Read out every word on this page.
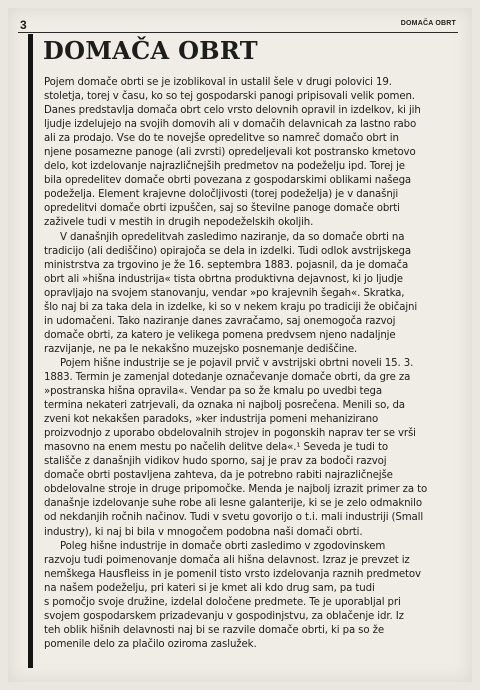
3	DOMAČA OBRT
DOMAČA OBRT

Pojem domače obrti se je izoblikoval in ustalil šele v drugi polovici 19.
stoletja, torej v času, ko so tej gospodarski panogi pripisovali velik pomen.
Danes predstavlja domača obrt celo vrsto delovnih opravil in izdelkov, ki jih
ljudje izdelujejo na svojih domovih ali v domačih delavnicah za lastno rabo
ali za prodajo. Vse do te novejše opredelitve so namreč domačo obrt in
njene posamezne panoge (ali zvrsti) opredeljevali kot postransko kmetovo
delo, kot izdelovanje najrazličnejših predmetov na podeželju ipd. Torej je
bila opredelitev domače obrti povezana z gospodarskimi oblikami našega
podeželja. Element krajevne določljivosti (torej podeželja) je v današnji
opredelitvi domače obrti izpuščen, saj so številne panoge domače obrti
zaživele tudi v mestih in drugih nepodeželskih okoljih.

V današnjih opredelitvah zasledimo naziranje, da so domače obrti na
tradicijo (ali dediščino) opirajoča se dela in izdelki. Tudi odlok avstrijskega
ministrstva za trgovino je že 16. septembra 1883. pojasnil, da je domača
obrt ali »hišna industrija« tista obrtna produktivna dejavnost, ki jo ljudje
opravljajo na svojem stanovanju, vendar »po krajevnih šegah«. Skratka,
šlo naj bi za taka dela in izdelke, ki so v nekem kraju po tradiciji že običajni
in udomačeni. Tako naziranje danes zavračamo, saj onemogoča razvoj
domače obrti, za katero je velikega pomena predvsem njeno nadaljnje
razvijanje, ne pa le nekakšno muzejsko posnemanje dediščine.

Pojem hišne industrije se je pojavil prvič v avstrijski obrtni noveli 15. 3.
1883. Termin je zamenjal dotedanje označevanje domače obrti, da gre za
»postranska hišna opravila«. Vendar pa so že kmalu po uvedbi tega
termina nekateri zatrjevali, da oznaka ni najbolj posrečena. Menili so, da
zveni kot nekakšen paradoks, »ker industrija pomeni mehaniziranо
proizvodnjo z uporabo obdelovalnih strojev in pogonskih naprav ter se vrši
masovno na enem mestu po načelih delitve dela«.¹ Seveda je tudi to
stališče z današnjih vidikov hudo sporno, saj je prav za bodoči razvoj
domače obrti postavljena zahteva, da je potrebno rabiti najrazličnejše
obdelovalne stroje in druge pripomočke. Menda je najbolj izrazit primer za to
današnje izdelovanje suhe robe ali lesne galanterije, ki se je zelo odmaknilo
od nekdanjih ročnih načinov. Tudi v svetu govorijo o t.i. mali industriji (Small
industry), ki naj bi bila v mnogočem podobna naši domači obrti.

Poleg hišne industrije in domače obrti zasledimo v zgodovinskem
razvoju tudi poimenovanje domača ali hišna delavnost. Izraz je prevzet iz
nemškega Hausfleiss in je pomenil tisto vrsto izdelovanja raznih predmetov
na našem podeželju, pri kateri si je kmet ali kdo drug sam, pa tudi
s pomočjo svoje družine, izdelal določene predmete. Te je uporabljal pri
svojem gospodarskem prizadevanju v gospodinjstvu, za oblačenje idr. Iz
teh oblik hišnih delavnosti naj bi se razvile domače obrti, ki pa so že
pomenile delo za plačilo oziroma zaslužek.
